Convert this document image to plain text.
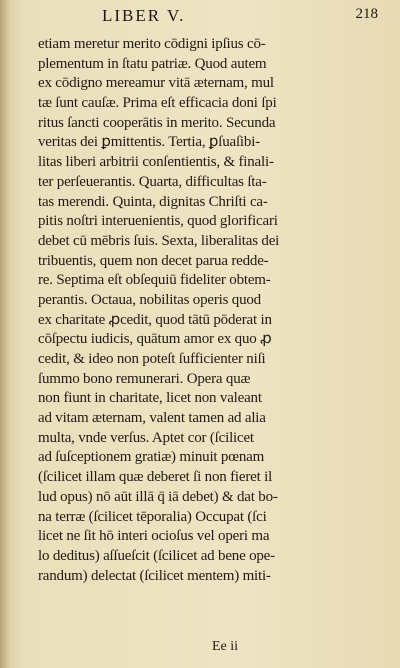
LIBER V.	218
etiam meretur merito cōdigni ipſius cō-
plementum in ſtatu patriæ. Quod autem
ex cōdigno mereamur vitā æternam, mul
tæ ſunt cauſæ. Prima eſt efficacia doni ſpi
ritus ſancti cooperātis in merito. Secunda
veritas dei ꝑmittentis. Tertia, ꝑſuaſibi-
litas liberi arbitrii conſentientis, & finali-
ter perſeuerantis. Quarta, difficultas ſta-
tas merendi. Quinta, dignitas Chriſti ca-
pitis noſtri interuenientis, quod glorificari
debet cū mēbris ſuis. Sexta, liberalitas dei
tribuentis, quem non decet parua redde-
re. Septima eſt obſequiū fideliter obtem-
perantis. Octaua, nobilitas operis quod
ex charitate ꝓcedit, quod tātū pōderat in
cōſpectu iudicis, quātum amor ex quo ꝓ
cedit, & ideo non poteſt ſufficienter niſi
ſummo bono remunerari. Opera quæ
non fiunt in charitate, licet non valeant
ad vitam æternam, valent tamen ad alia
multa, vnde verſus. Aptet cor (ſcilicet
ad ſuſceptionem gratiæ) minuit pœnam
(ſcilicet illam quæ deberet ſi non fieret il
lud opus) nō aūt illā q̄ iā debet) & dat bo-
na terræ (ſcilicet tēporalia) Occupat (ſci
licet ne ſit hō interi ocioſus vel operi ma
lo deditus) aſſueſcit (ſcilicet ad bene ope-
randum) delectat (ſcilicet mentem) miti-
Ee ii
